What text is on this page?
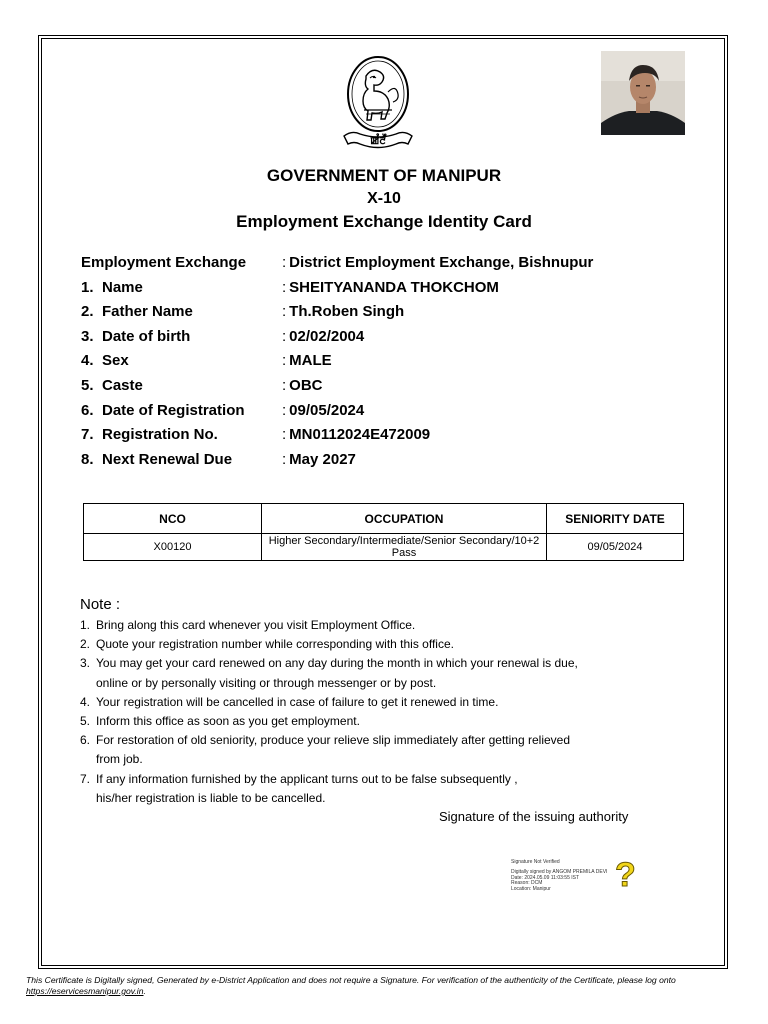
ꯀꯪꯂꯩ
GOVERNMENT OF MANIPUR
X-10
Employment Exchange Identity Card
Employment Exchange : District Employment Exchange, Bishnupur
1. Name	: SHEITYANANDA THOKCHOM
2. Father Name	: Th.Roben Singh
3. Date of birth	: 02/02/2004
4. Sex	: MALE
5. Caste	: OBC
6. Date of Registration : 09/05/2024
7. Registration No.	: MN0112024E472009
8. Next Renewal Due	: May 2027
NCO	OCCUPATION	SENIORITY DATE
X00120	Higher Secondary/Intermediate/Senior Secondary/10+2 Pass	09/05/2024
Note :
1. Bring along this card whenever you visit Employment Office.
2. Quote your registration number while corresponding with this office.
3. You may get your card renewed on any day during the month in which your renewal is due,
online or by personally visiting or through messenger or by post.
4. Your registration will be cancelled in case of failure to get it renewed in time.
5. Inform this office as soon as you get employment.
6. For restoration of old seniority, produce your relieve slip immediately after getting relieved
from job.
7. If any information furnished by the applicant turns out to be false subsequently ,
his/her registration is liable to be cancelled.
Signature of the issuing authority
Signature Not Verified
Digitally signed by ANGOM PREMILA DEVI
Date: 2024.05.09 11:03:55 IST
Reason: DCM
Location: Manipur	?
This Certificate is Digitally signed, Generated by e-District Application and does not require a Signature. For verification of the authenticity of the Certificate, please log onto https://eservicesmanipur.gov.in.
